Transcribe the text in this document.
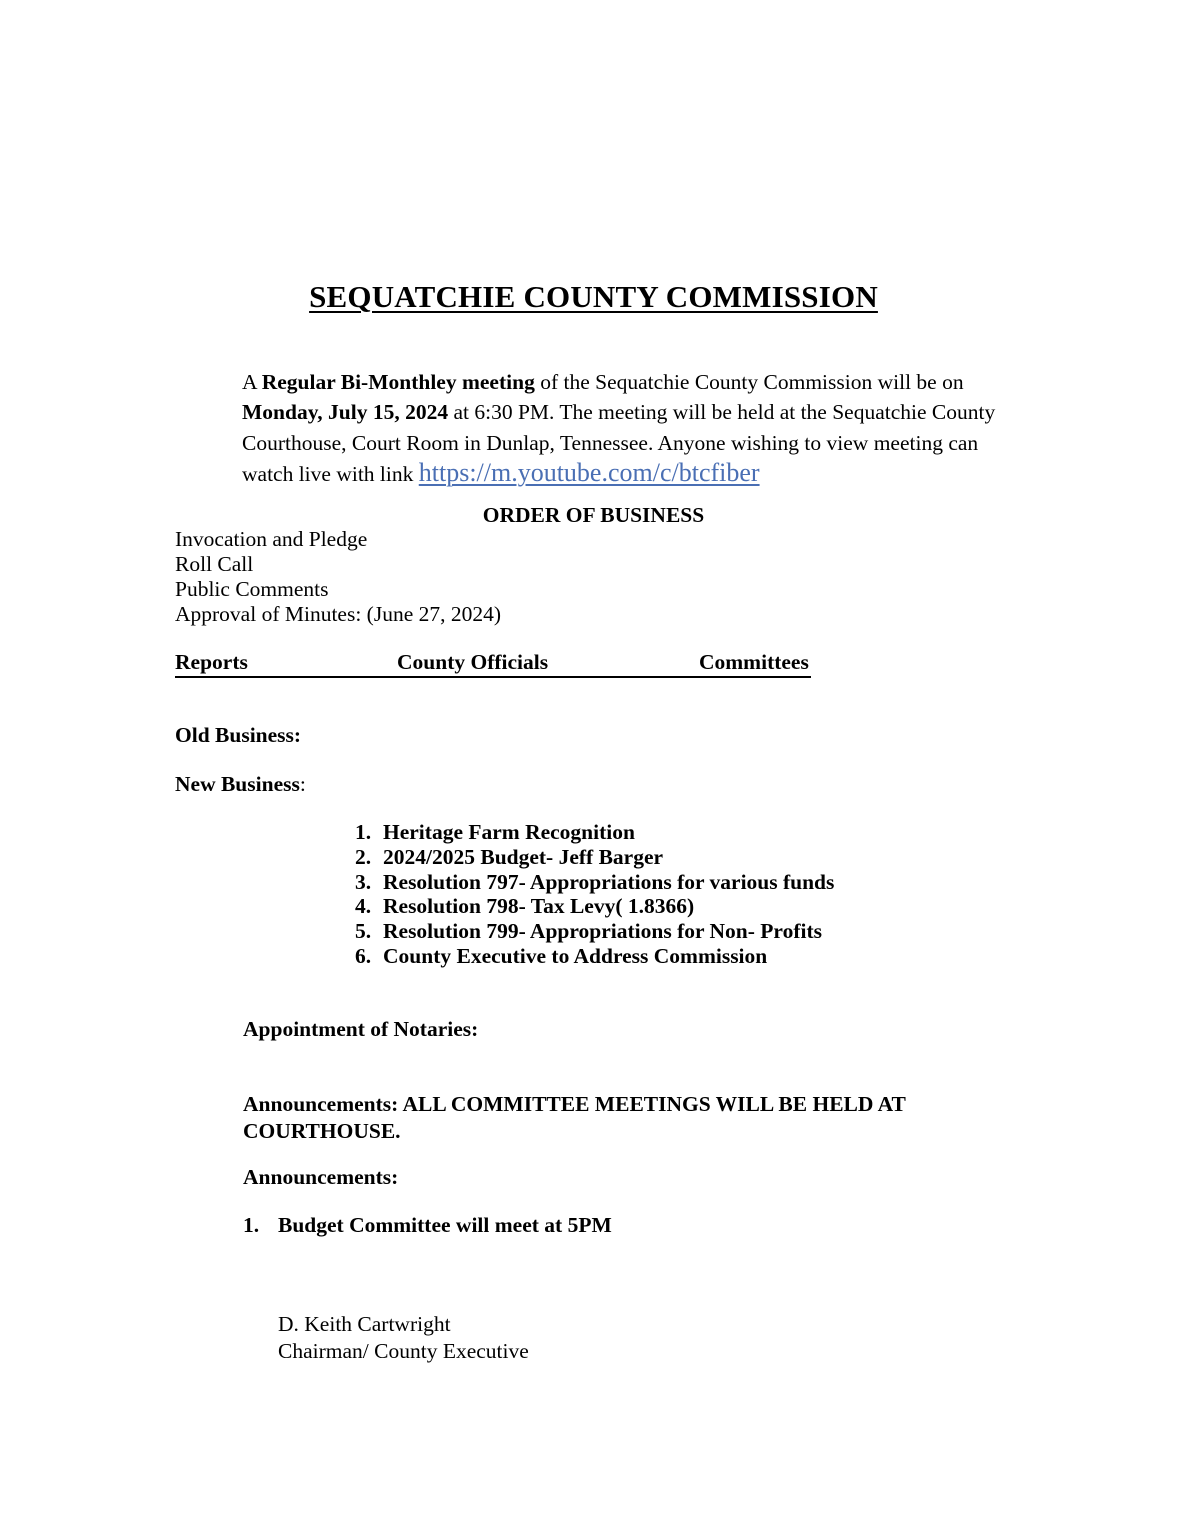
SEQUATCHIE COUNTY COMMISSION

A Regular Bi-Monthley meeting of the Sequatchie County Commission will be on Monday, July 15, 2024 at 6:30 PM. The meeting will be held at the Sequatchie County Courthouse, Court Room in Dunlap, Tennessee. Anyone wishing to view meeting can watch live with link https://m.youtube.com/c/btcfiber

ORDER OF BUSINESS
Invocation and Pledge
Roll Call
Public Comments
Approval of Minutes: (June 27, 2024)
Reports	County Officials	Committees
Old Business:
New Business:
1. Heritage Farm Recognition
2. 2024/2025 Budget- Jeff Barger
3. Resolution 797- Appropriations for various funds
4. Resolution 798- Tax Levy( 1.8366)
5. Resolution 799- Appropriations for Non- Profits
6. County Executive to Address Commission
Appointment of Notaries:
Announcements: ALL COMMITTEE MEETINGS WILL BE HELD AT COURTHOUSE.
Announcements:
1. Budget Committee will meet at 5PM
D. Keith Cartwright
Chairman/ County Executive
